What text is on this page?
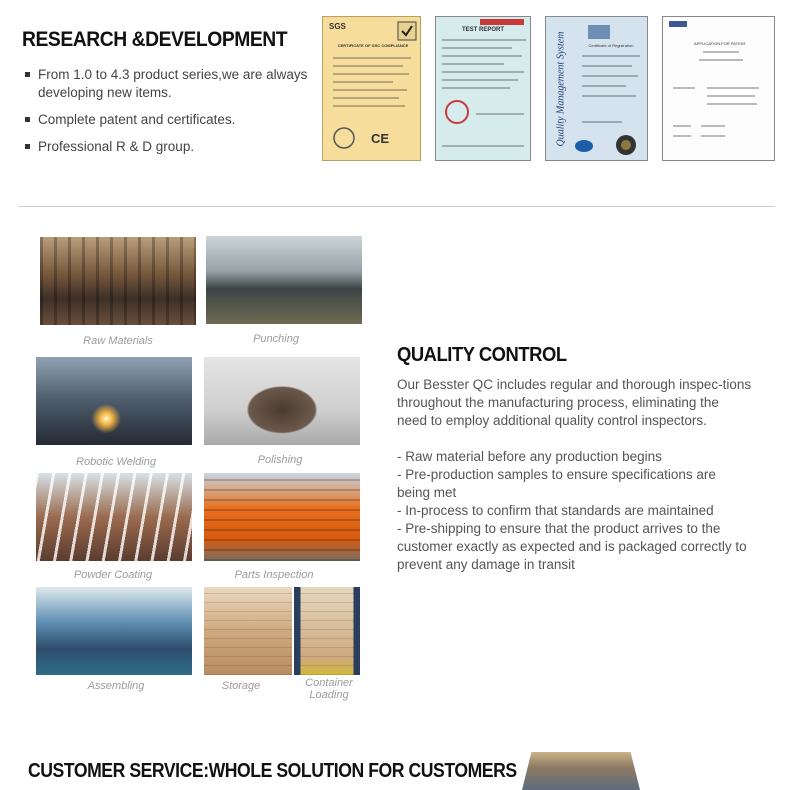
RESEARCH &DEVELOPMENT
From 1.0 to 4.3 product series,we are always developing new items.
Complete patent and certificates.
Professional R & D group.
SGS
CERTIFICATE OF GSC COMPLIANCE
CE
TEST REPORT
Quality Management System	Certificate of Registration	APPLICATION FOR PATENT
Raw Materials	Punching
Robotic Welding	Polishing
Powder Coating	Parts Inspection
Assembling	Storage	Container Loading
QUALITY CONTROL

Our Besster QC includes regular and thorough inspec-tions throughout the manufacturing process, eliminating the need to employ additional quality control inspectors.

- Raw material before any production begins
- Pre-production samples to ensure specifications are being met
- In-process to confirm that standards are maintained
- Pre-shipping to ensure that the product arrives to the customer exactly as expected and is packaged correctly to prevent any damage in transit
CUSTOMER SERVICE:WHOLE SOLUTION FOR CUSTOMERS
